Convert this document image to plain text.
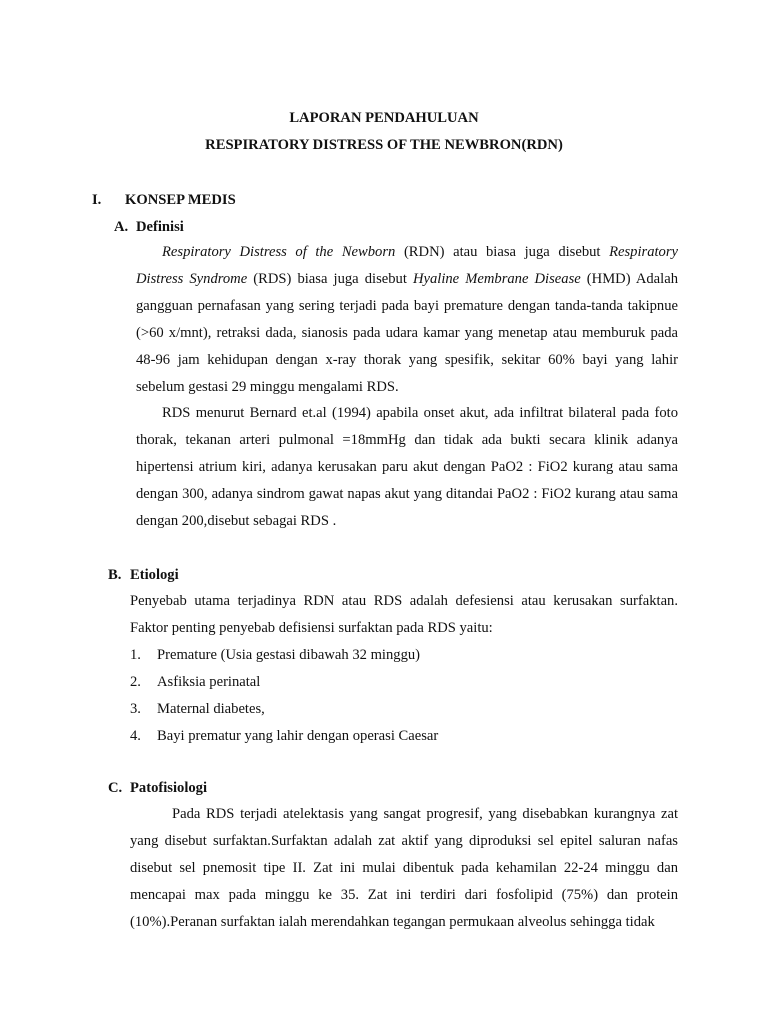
LAPORAN PENDAHULUAN
RESPIRATORY DISTRESS OF THE NEWBRON(RDN)
I. KONSEP MEDIS
A. Definisi
Respiratory Distress of the Newborn (RDN) atau biasa juga disebut Respiratory Distress Syndrome (RDS) biasa juga disebut Hyaline Membrane Disease (HMD) Adalah gangguan pernafasan yang sering terjadi pada bayi premature dengan tanda-tanda takipnue (>60 x/mnt), retraksi dada, sianosis pada udara kamar yang menetap atau memburuk pada 48-96 jam kehidupan dengan x-ray thorak yang spesifik, sekitar 60% bayi yang lahir sebelum gestasi 29 minggu mengalami RDS.
RDS menurut Bernard et.al (1994) apabila onset akut, ada infiltrat bilateral pada foto thorak, tekanan arteri pulmonal =18mmHg dan tidak ada bukti secara klinik adanya hipertensi atrium kiri, adanya kerusakan paru akut dengan PaO2 : FiO2 kurang atau sama dengan 300, adanya sindrom gawat napas akut yang ditandai PaO2 : FiO2 kurang atau sama dengan 200,disebut sebagai RDS .
B. Etiologi
Penyebab utama terjadinya RDN atau RDS adalah defesiensi atau kerusakan surfaktan. Faktor penting penyebab defisiensi surfaktan pada RDS yaitu:
1. Premature (Usia gestasi dibawah 32 minggu)
2. Asfiksia perinatal
3. Maternal diabetes,
4. Bayi prematur yang lahir dengan operasi Caesar
C. Patofisiologi
Pada RDS terjadi atelektasis yang sangat progresif, yang disebabkan kurangnya zat yang disebut surfaktan.Surfaktan adalah zat aktif yang diproduksi sel epitel saluran nafas disebut sel pnemosit tipe II. Zat ini mulai dibentuk pada kehamilan 22-24 minggu dan mencapai max pada minggu ke 35. Zat ini terdiri dari fosfolipid (75%) dan protein (10%).Peranan surfaktan ialah merendahkan tegangan permukaan alveolus sehingga tidak
